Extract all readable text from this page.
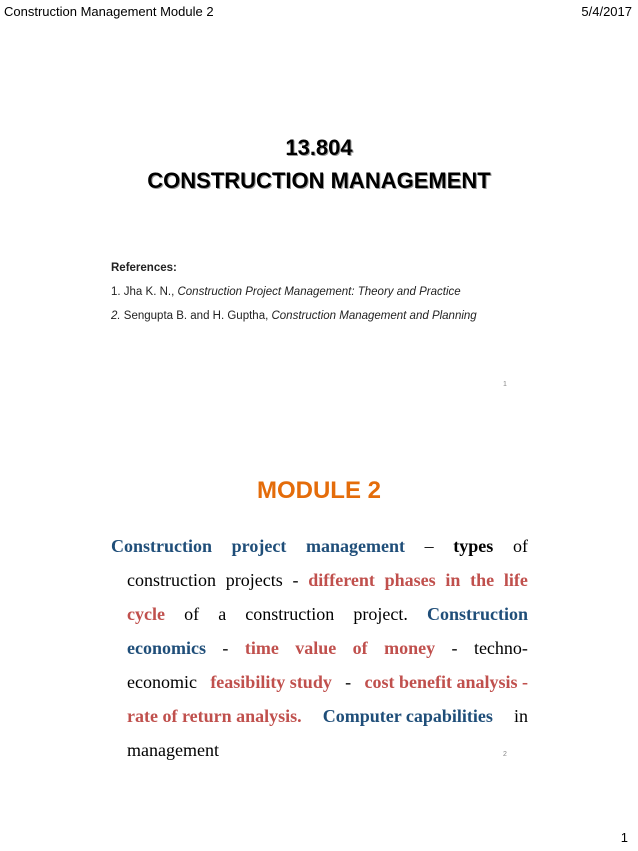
Construction Management Module 2	5/4/2017
13.804
CONSTRUCTION MANAGEMENT
References:
1. Jha K. N., Construction Project Management: Theory and Practice
2. Sengupta B. and H. Guptha, Construction Management and Planning
1
MODULE 2
Construction project management – types of
construction projects - different phases in the life
cycle of a construction project. Construction
economics - time value of money - techno-
economic feasibility study - cost benefit analysis -
rate of return analysis. Computer capabilities in
management	2
1
